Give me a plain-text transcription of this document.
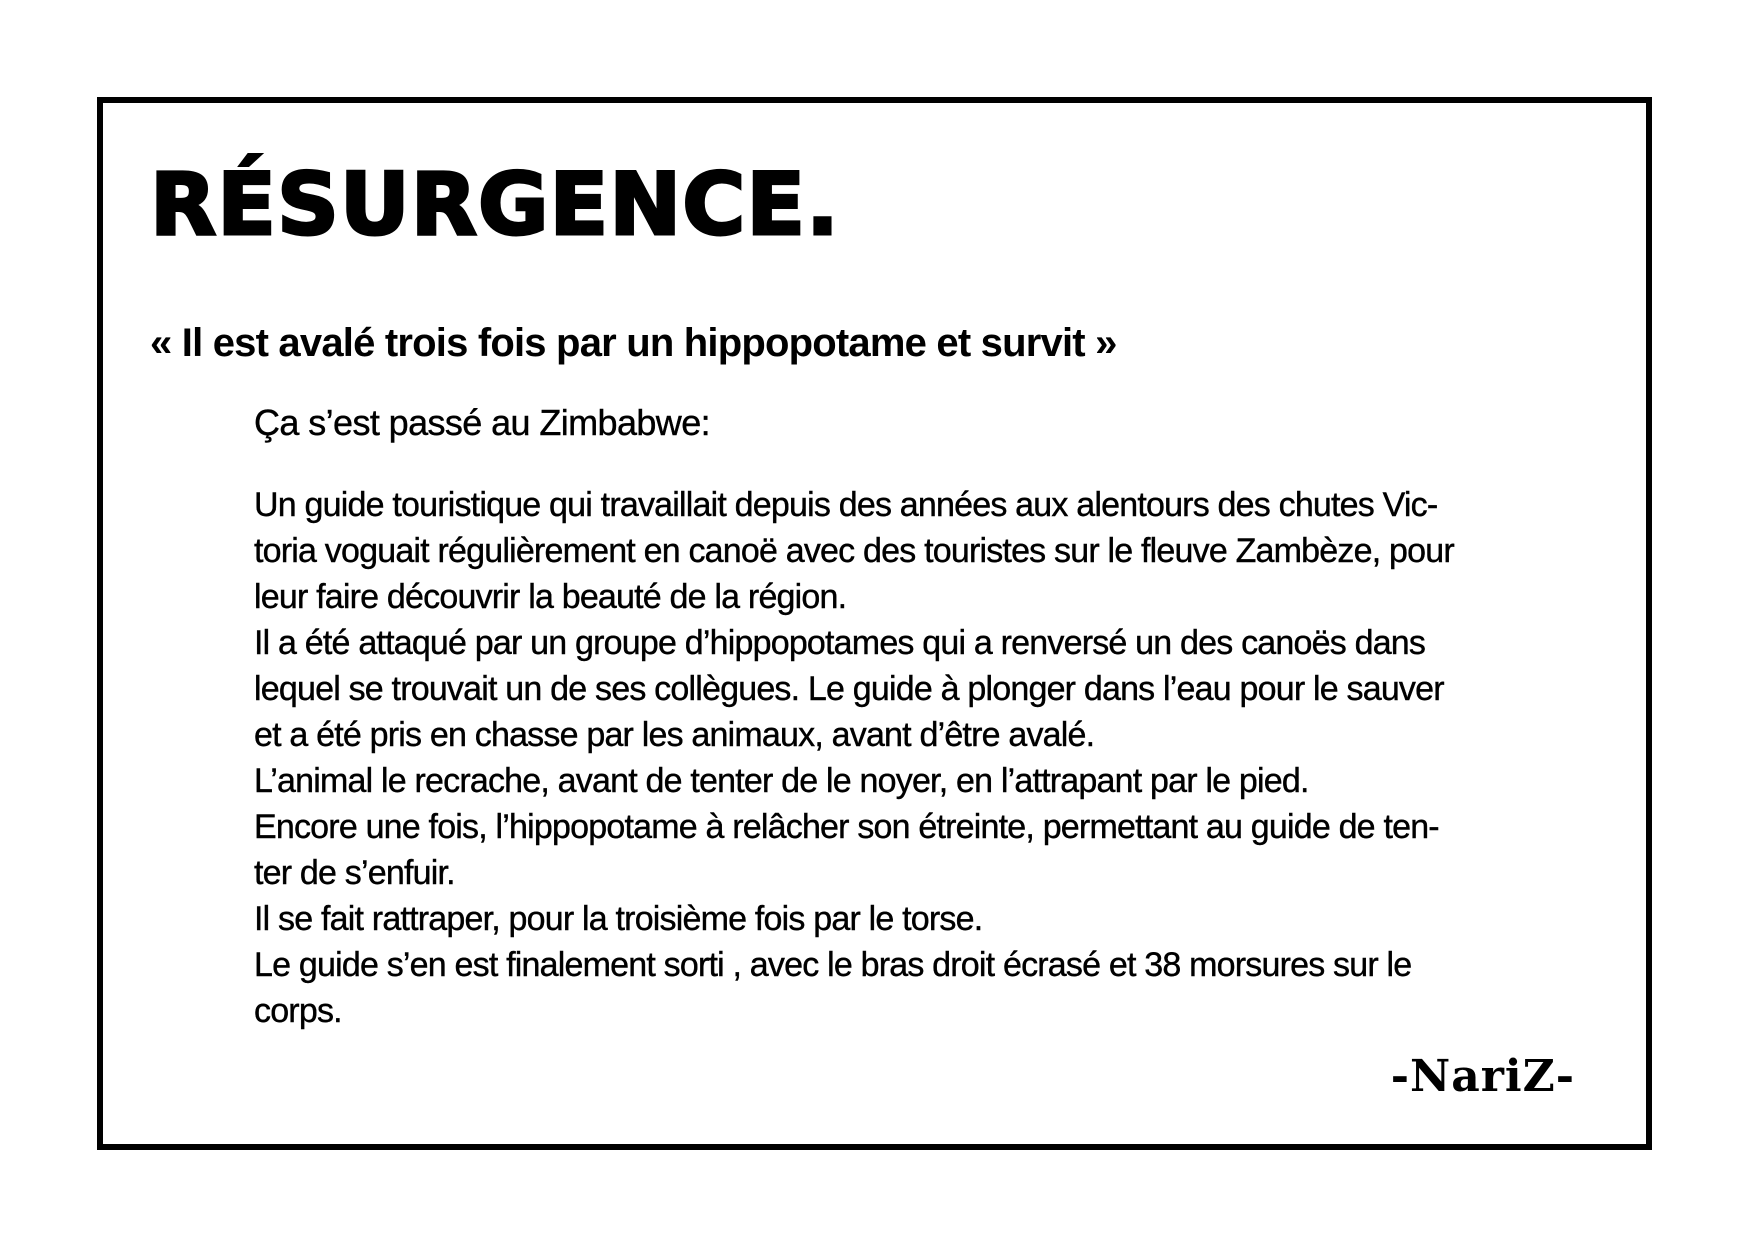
RÉSURGENCE.
« Il est avalé trois fois par un hippopotame et survit »

Ça s’est passé au Zimbabwe:

Un guide touristique qui travaillait depuis des années aux alentours des chutes Vic-
toria voguait régulièrement en canoë avec des touristes sur le fleuve Zambèze, pour
leur faire découvrir la beauté de la région.
Il a été attaqué par un groupe d’hippopotames qui a renversé un des canoës dans
lequel se trouvait un de ses collègues. Le guide à plonger dans l’eau pour le sauver
et a été pris en chasse par les animaux, avant d’être avalé.
L’animal le recrache, avant de tenter de le noyer, en l’attrapant par le pied.
Encore une fois, l’hippopotame à relâcher son étreinte, permettant au guide de ten-
ter de s’enfuir.
Il se fait rattraper, pour la troisième fois par le torse.
Le guide s’en est finalement sorti , avec le bras droit écrasé et 38 morsures sur le
corps.

-NariZ-
